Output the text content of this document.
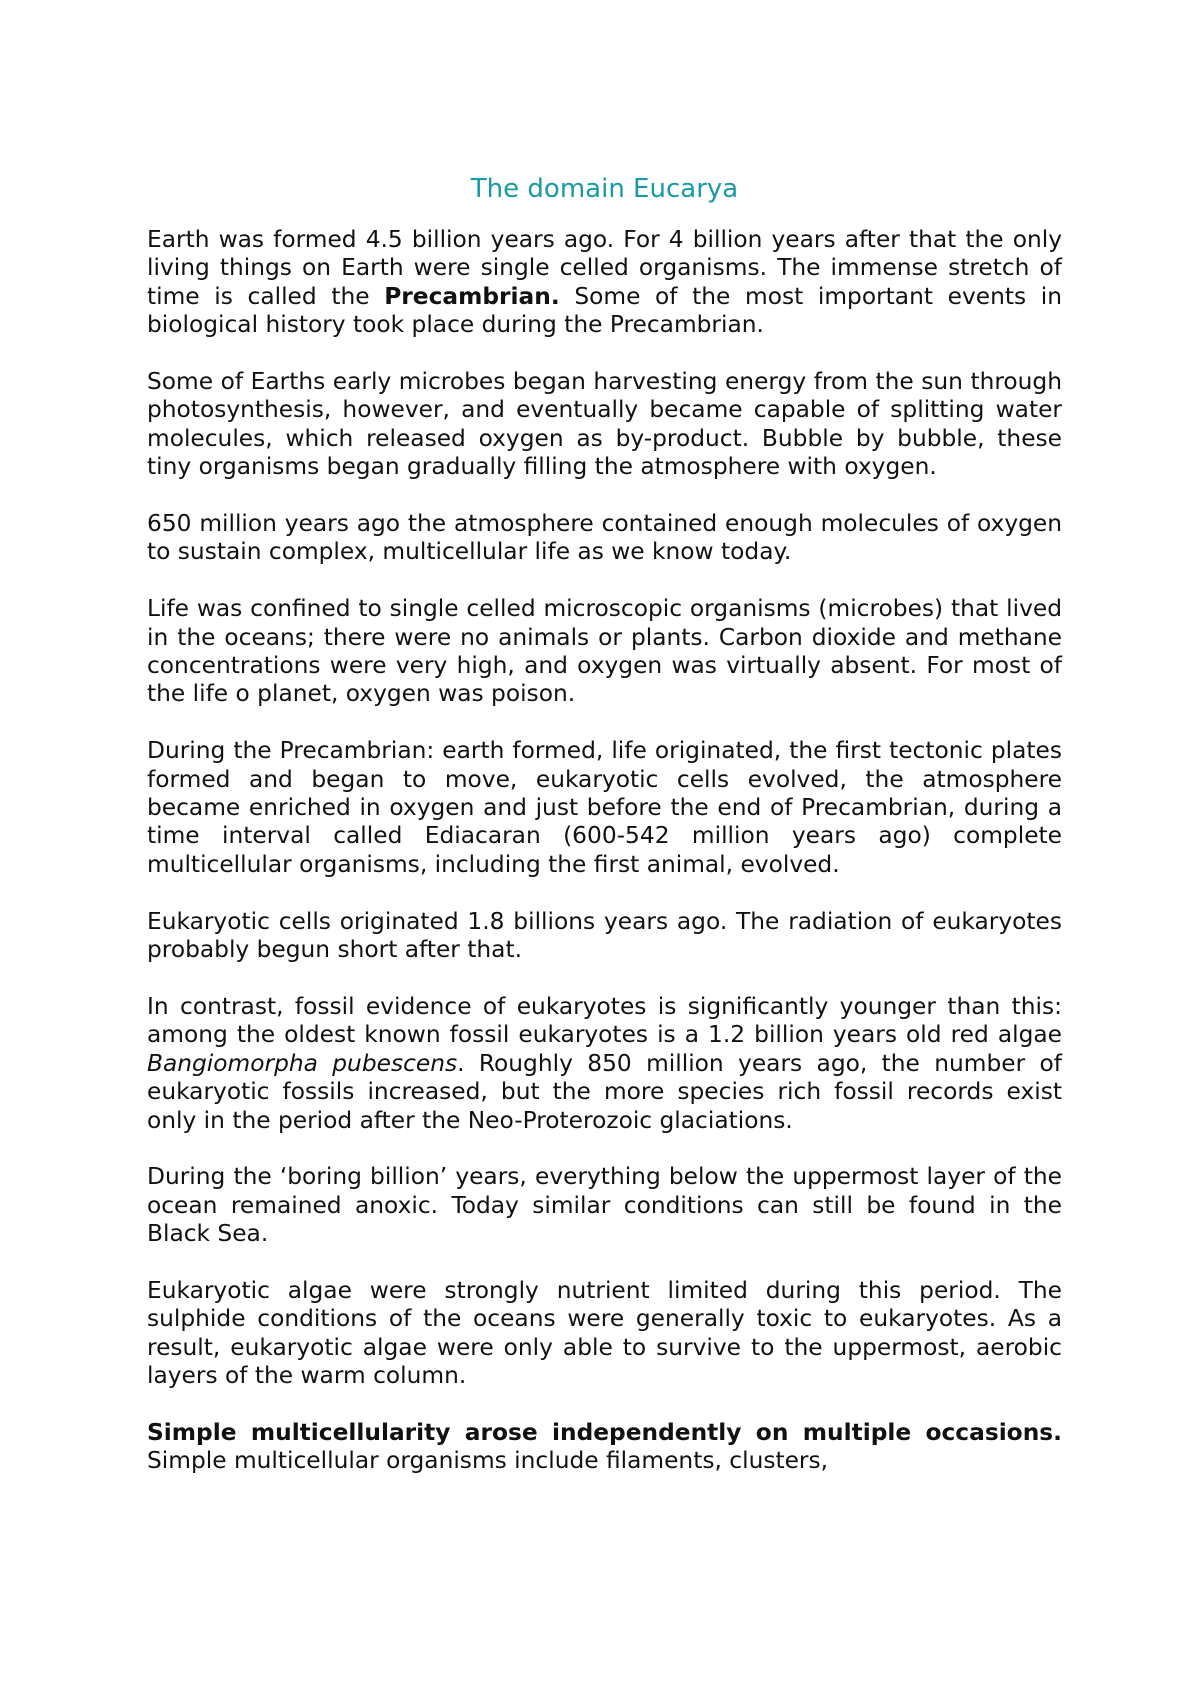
The domain Eucarya

Earth was formed 4.5 billion years ago. For 4 billion years after that the only living things on Earth were single celled organisms. The immense stretch of time is called the Precambrian. Some of the most important events in biological history took place during the Precambrian.

Some of Earths early microbes began harvesting energy from the sun through photosynthesis, however, and eventually became capable of splitting water molecules, which released oxygen as by-product. Bubble by bubble, these tiny organisms began gradually filling the atmosphere with oxygen.

650 million years ago the atmosphere contained enough molecules of oxygen to sustain complex, multicellular life as we know today.

Life was confined to single celled microscopic organisms (microbes) that lived in the oceans; there were no animals or plants. Carbon dioxide and methane concentrations were very high, and oxygen was virtually absent. For most of the life o planet, oxygen was poison.

During the Precambrian: earth formed, life originated, the first tectonic plates formed and began to move, eukaryotic cells evolved, the atmosphere became enriched in oxygen and just before the end of Precambrian, during a time interval called Ediacaran (600-542 million years ago) complete multicellular organisms, including the first animal, evolved.

Eukaryotic cells originated 1.8 billions years ago. The radiation of eukaryotes probably begun short after that.

In contrast, fossil evidence of eukaryotes is significantly younger than this: among the oldest known fossil eukaryotes is a 1.2 billion years old red algae Bangiomorpha pubescens. Roughly 850 million years ago, the number of eukaryotic fossils increased, but the more species rich fossil records exist only in the period after the Neo-Proterozoic glaciations.

During the ‘boring billion’ years, everything below the uppermost layer of the ocean remained anoxic. Today similar conditions can still be found in the Black Sea.

Eukaryotic algae were strongly nutrient limited during this period. The sulphide conditions of the oceans were generally toxic to eukaryotes. As a result, eukaryotic algae were only able to survive to the uppermost, aerobic layers of the warm column.

Simple multicellularity arose independently on multiple occasions. Simple multicellular organisms include filaments, clusters,
